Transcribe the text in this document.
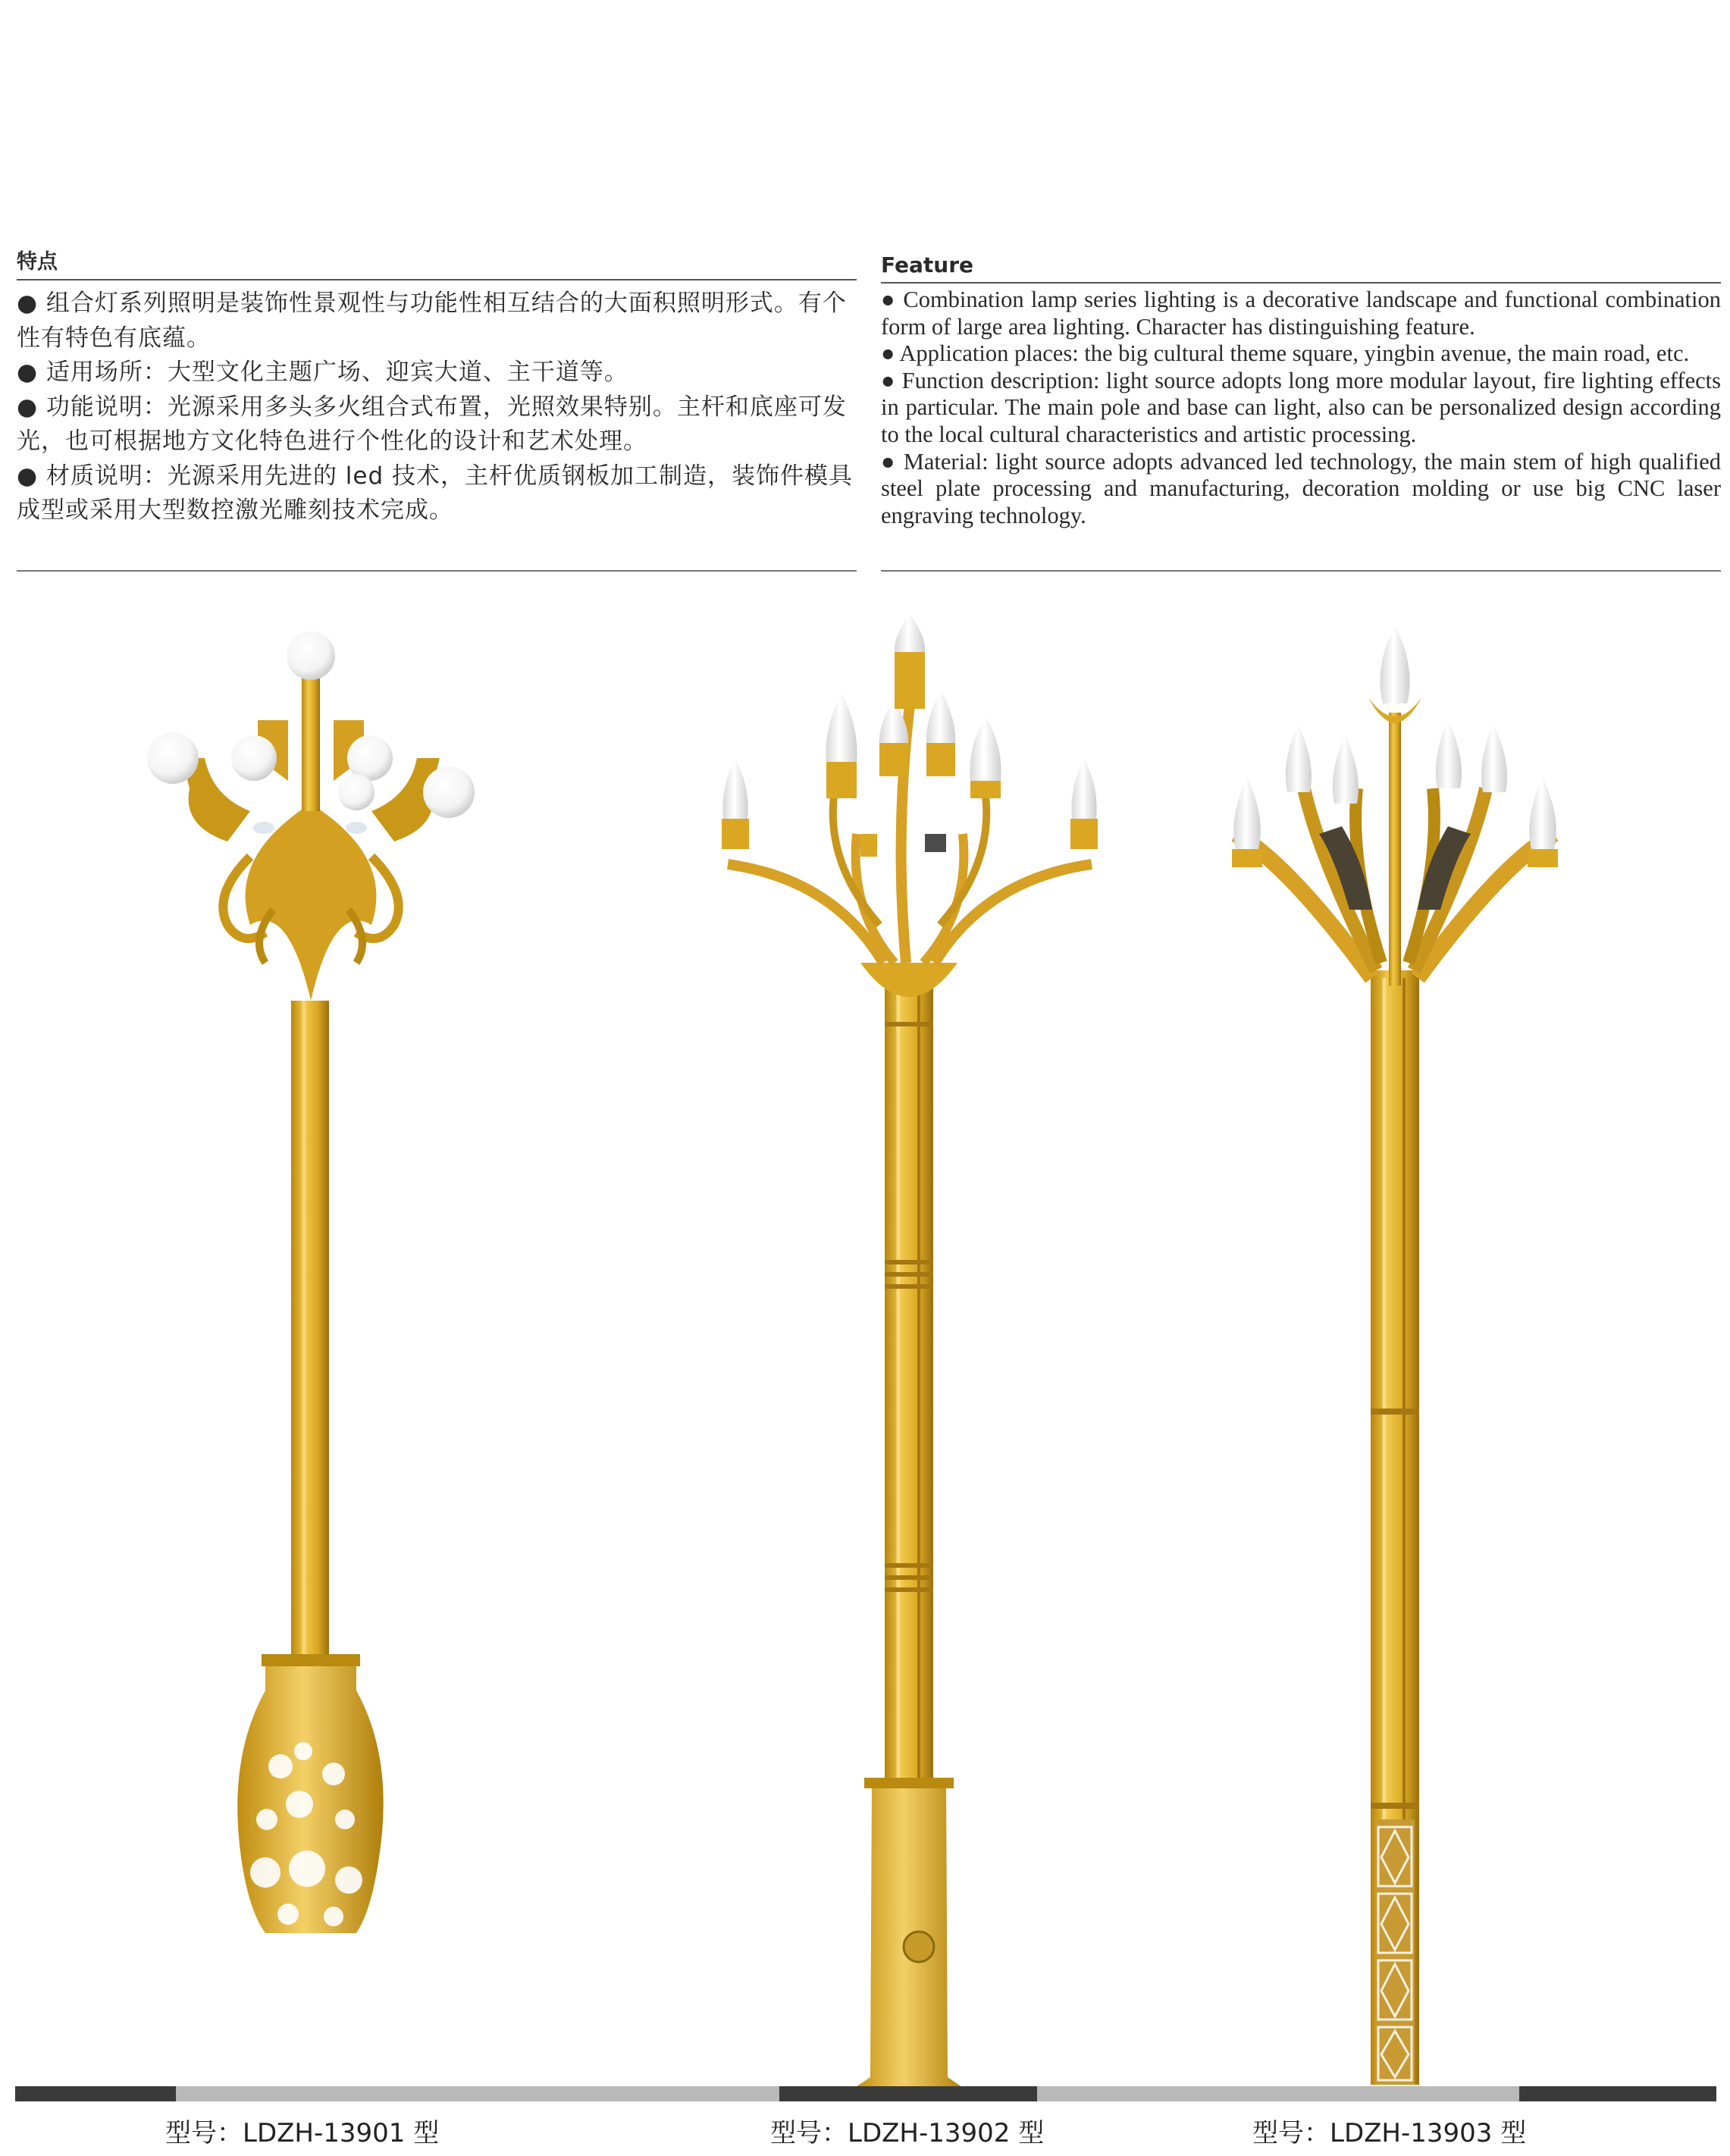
特点

● 组合灯系列照明是装饰性景观性与功能性相互结合的大面积照明形式。有个性有特色有底蕴。

● 适用场所：大型文化主题广场、迎宾大道、主干道等。

● 功能说明：光源采用多头多火组合式布置，光照效果特别。主杆和底座可发光，也可根据地方文化特色进行个性化的设计和艺术处理。

● 材质说明：光源采用先进的 led 技术，主杆优质钢板加工制造，装饰件模具成型或采用大型数控激光雕刻技术完成。

Feature

● Combination lamp series lighting is a decorative landscape and functional combination form of large area lighting. Character has distinguishing feature.

● Application places: the big cultural theme square, yingbin avenue, the main road, etc.

● Function description: light source adopts long more modular layout, fire lighting effects in particular. The main pole and base can light, also can be personalized design according to the local cultural characteristics and artistic processing.

● Material: light source adopts advanced led technology, the main stem of high qualified steel plate processing and manufacturing, decoration molding or use big CNC laser engraving technology.

型号：LDZH-13901 型	型号：LDZH-13902 型	型号：LDZH-13903 型
